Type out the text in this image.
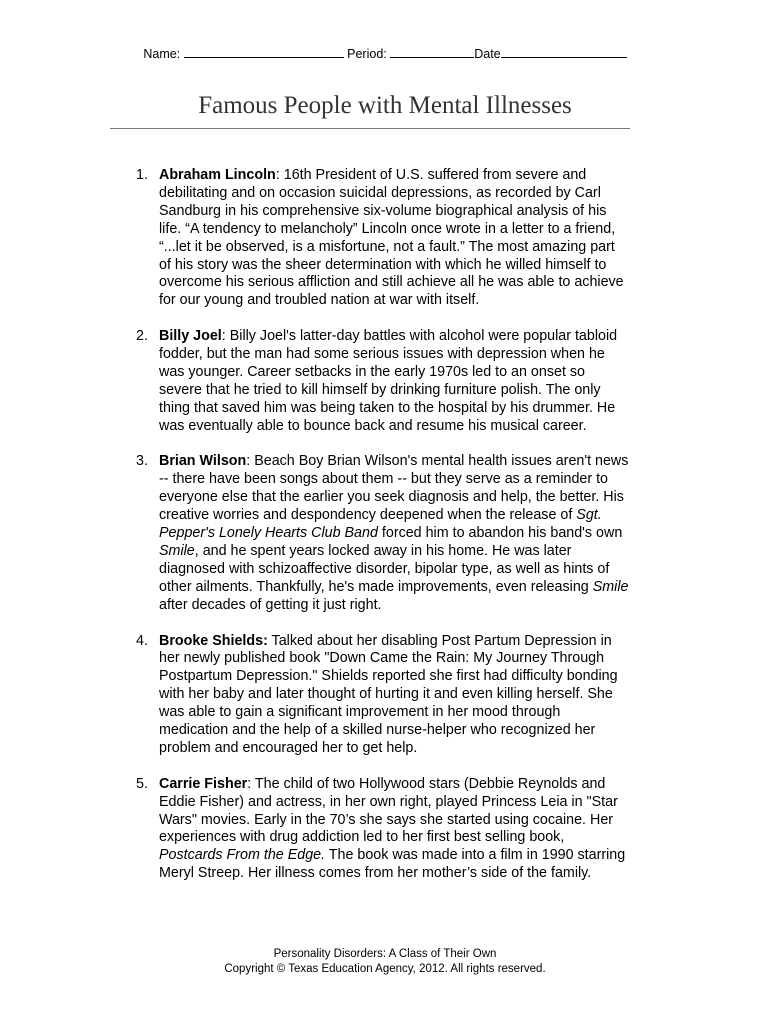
Name:	Period:	Date
Famous People with Mental Illnesses
1. Abraham Lincoln: 16th President of U.S. suffered from severe and
debilitating and on occasion suicidal depressions, as recorded by Carl
Sandburg in his comprehensive six-volume biographical analysis of his
life. “A tendency to melancholy” Lincoln once wrote in a letter to a friend,
“...let it be observed, is a misfortune, not a fault.” The most amazing part
of his story was the sheer determination with which he willed himself to
overcome his serious affliction and still achieve all he was able to achieve
for our young and troubled nation at war with itself.
2. Billy Joel: Billy Joel's latter-day battles with alcohol were popular tabloid
fodder, but the man had some serious issues with depression when he
was younger. Career setbacks in the early 1970s led to an onset so
severe that he tried to kill himself by drinking furniture polish. The only
thing that saved him was being taken to the hospital by his drummer. He
was eventually able to bounce back and resume his musical career.
3. Brian Wilson: Beach Boy Brian Wilson's mental health issues aren't news
-- there have been songs about them -- but they serve as a reminder to
everyone else that the earlier you seek diagnosis and help, the better. His
creative worries and despondency deepened when the release of Sgt.
Pepper's Lonely Hearts Club Band forced him to abandon his band's own
Smile, and he spent years locked away in his home. He was later
diagnosed with schizoaffective disorder, bipolar type, as well as hints of
other ailments. Thankfully, he's made improvements, even releasing Smile
after decades of getting it just right.
4. Brooke Shields: Talked about her disabling Post Partum Depression in
her newly published book "Down Came the Rain: My Journey Through
Postpartum Depression." Shields reported she first had difficulty bonding
with her baby and later thought of hurting it and even killing herself. She
was able to gain a significant improvement in her mood through
medication and the help of a skilled nurse-helper who recognized her
problem and encouraged her to get help.
5. Carrie Fisher: The child of two Hollywood stars (Debbie Reynolds and
Eddie Fisher) and actress, in her own right, played Princess Leia in "Star
Wars" movies. Early in the 70’s she says she started using cocaine. Her
experiences with drug addiction led to her first best selling book,
Postcards From the Edge. The book was made into a film in 1990 starring
Meryl Streep. Her illness comes from her mother’s side of the family.
Personality Disorders: A Class of Their Own
Copyright © Texas Education Agency, 2012. All rights reserved.
